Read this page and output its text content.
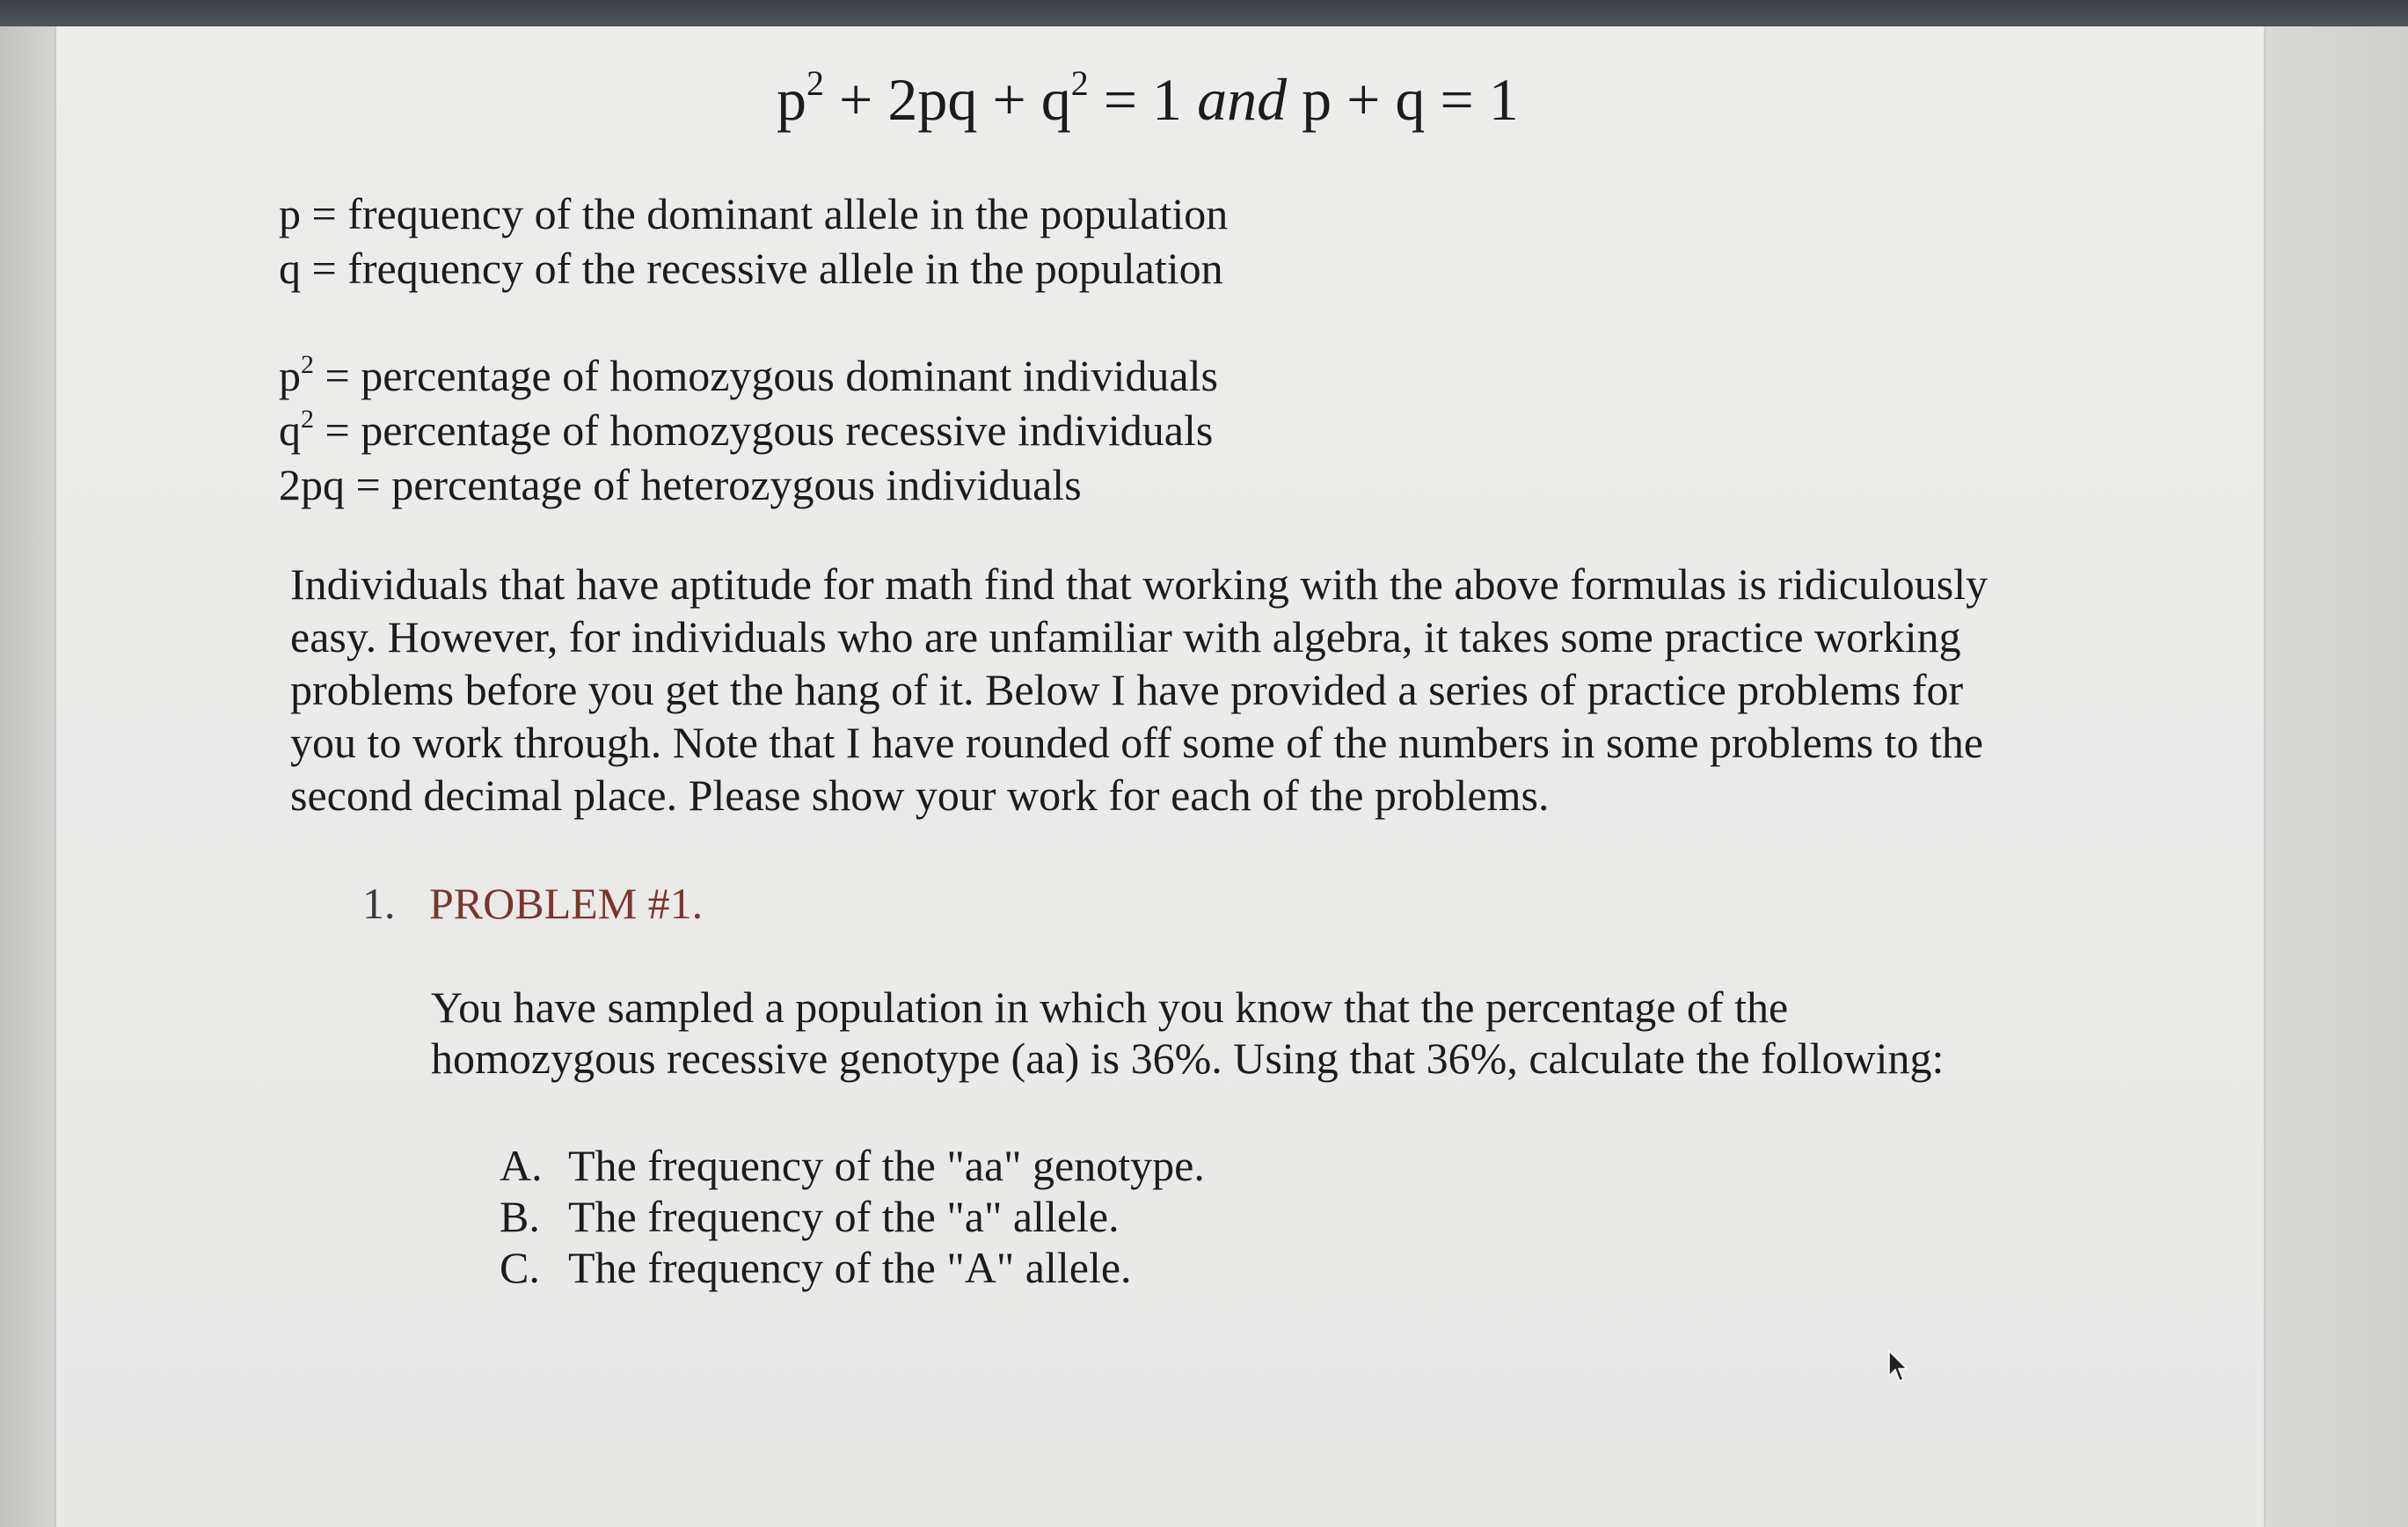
$p^2 + 2pq + q^2 = 1$ and p + q = 1
p = frequency of the dominant allele in the population
q = frequency of the recessive allele in the population
$p^2$ = percentage of homozygous dominant individuals
$q^2$ = percentage of homozygous recessive individuals
2pq = percentage of heterozygous individuals
Individuals that have aptitude for math find that working with the above formulas is ridiculously
easy. However, for individuals who are unfamiliar with algebra, it takes some practice working
problems before you get the hang of it. Below I have provided a series of practice problems for
you to work through. Note that I have rounded off some of the numbers in some problems to the
second decimal place. Please show your work for each of the problems.
1. PROBLEM #1.
You have sampled a population in which you know that the percentage of the
homozygous recessive genotype (aa) is 36%. Using that 36%, calculate the following:
A. The frequency of the "aa" genotype.
B. The frequency of the "a" allele.
C. The frequency of the "A" allele.
